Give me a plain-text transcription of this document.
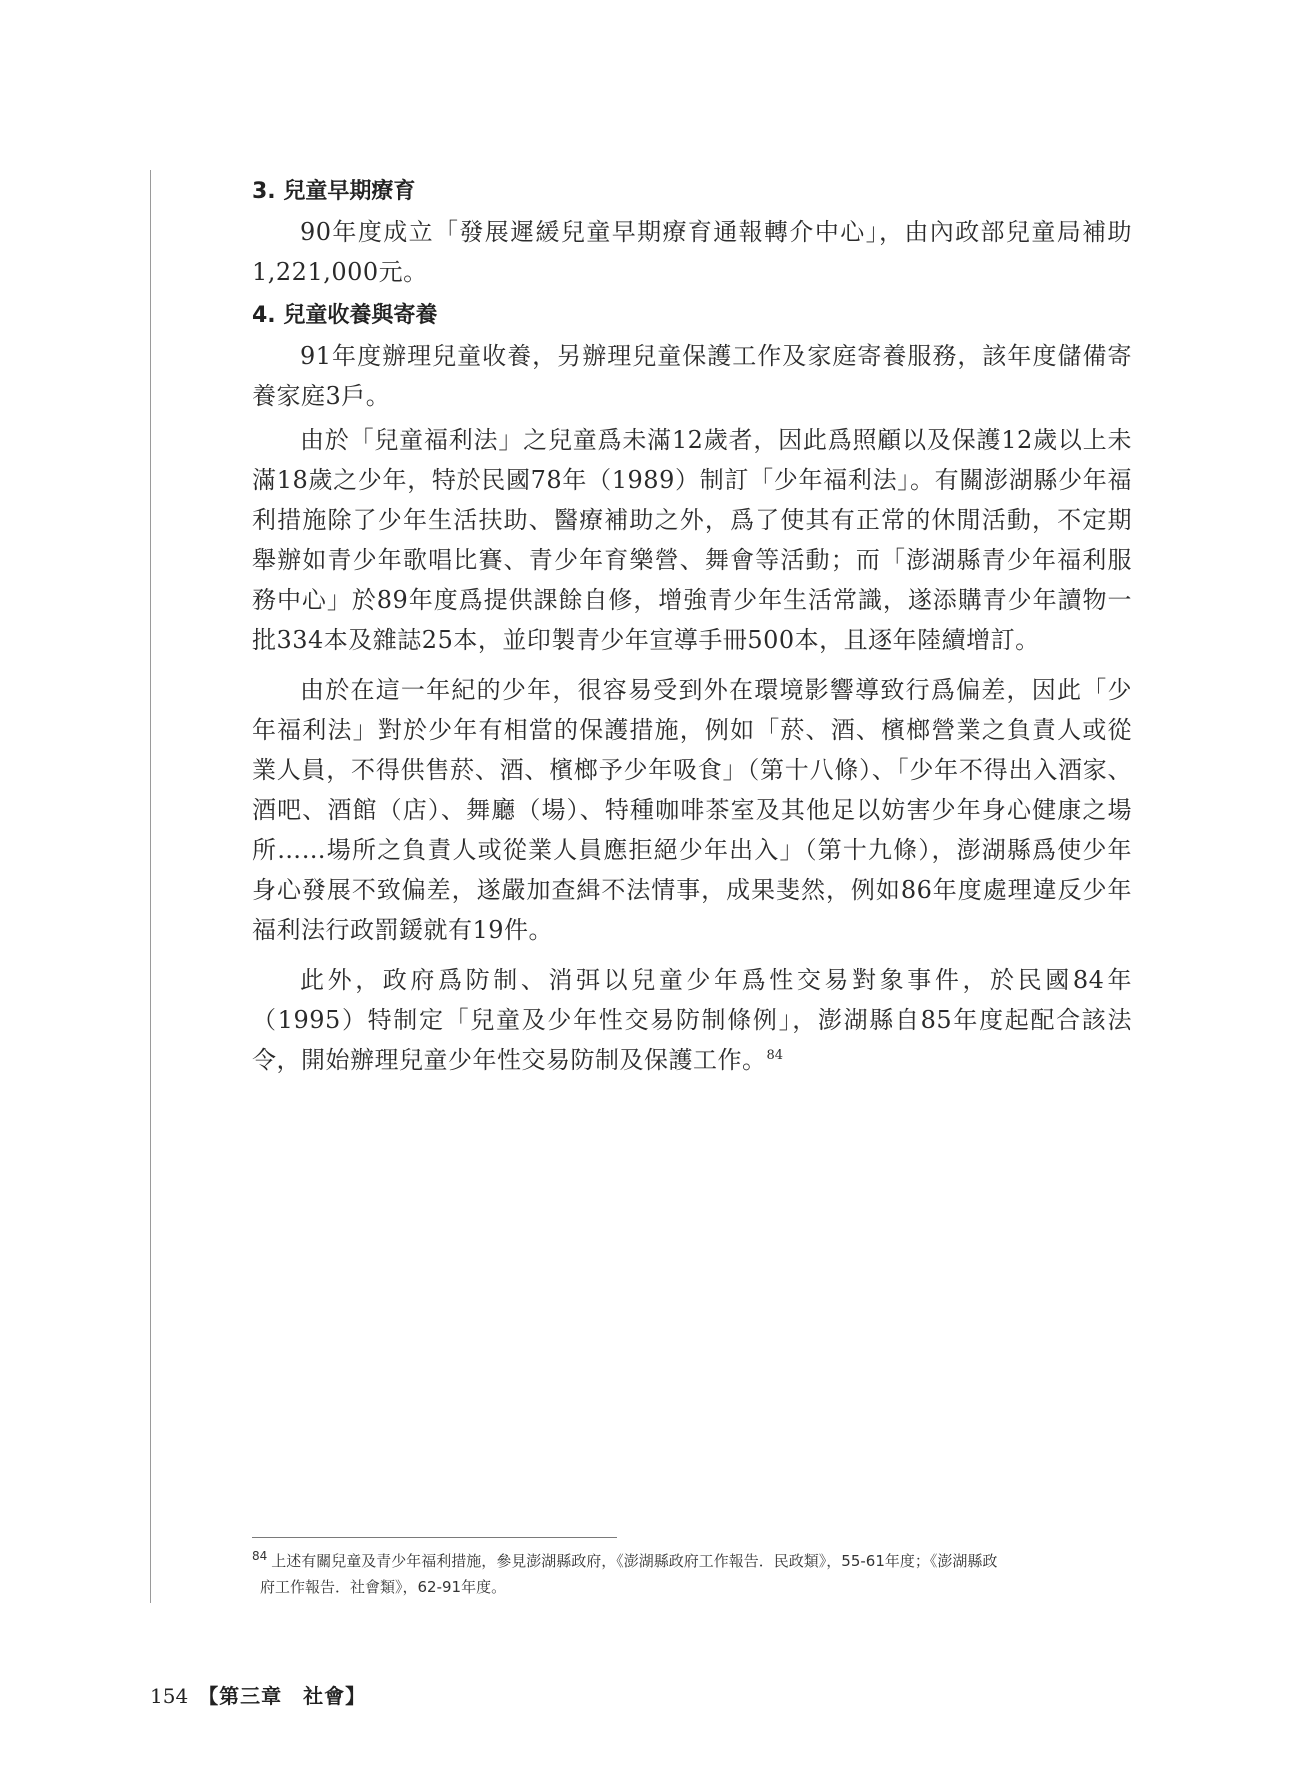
3. 兒童早期療育

90年度成立「發展遲緩兒童早期療育通報轉介中心」，由內政部兒童局補助1,221,000元。

4. 兒童收養與寄養

91年度辦理兒童收養，另辦理兒童保護工作及家庭寄養服務，該年度儲備寄養家庭3戶。

由於「兒童福利法」之兒童爲未滿12歲者，因此爲照顧以及保護12歲以上未滿18歲之少年，特於民國78年（1989）制訂「少年福利法」。有關澎湖縣少年福利措施除了少年生活扶助、醫療補助之外，爲了使其有正常的休閒活動，不定期舉辦如青少年歌唱比賽、青少年育樂營、舞會等活動；而「澎湖縣青少年福利服務中心」於89年度爲提供課餘自修，增強青少年生活常識，遂添購青少年讀物一批334本及雜誌25本，並印製青少年宣導手冊500本，且逐年陸續增訂。

由於在這一年紀的少年，很容易受到外在環境影響導致行爲偏差，因此「少年福利法」對於少年有相當的保護措施，例如「菸、酒、檳榔營業之負責人或從業人員，不得供售菸、酒、檳榔予少年吸食」（第十八條）、「少年不得出入酒家、酒吧、酒館（店）、舞廳（場）、特種咖啡茶室及其他足以妨害少年身心健康之場所……場所之負責人或從業人員應拒絕少年出入」（第十九條），澎湖縣爲使少年身心發展不致偏差，遂嚴加查緝不法情事，成果斐然，例如86年度處理違反少年福利法行政罰鍰就有19件。

此外，政府爲防制、消弭以兒童少年爲性交易對象事件，於民國84年（1995）特制定「兒童及少年性交易防制條例」，澎湖縣自85年度起配合該法令，開始辦理兒童少年性交易防制及保護工作。$^{84}$

$^{84}$ 上述有關兒童及青少年福利措施，參見澎湖縣政府，《澎湖縣政府工作報告．民政類》，55-61年度；《澎湖縣政
府工作報告．社會類》，62-91年度。
154 【第三章　社會】
